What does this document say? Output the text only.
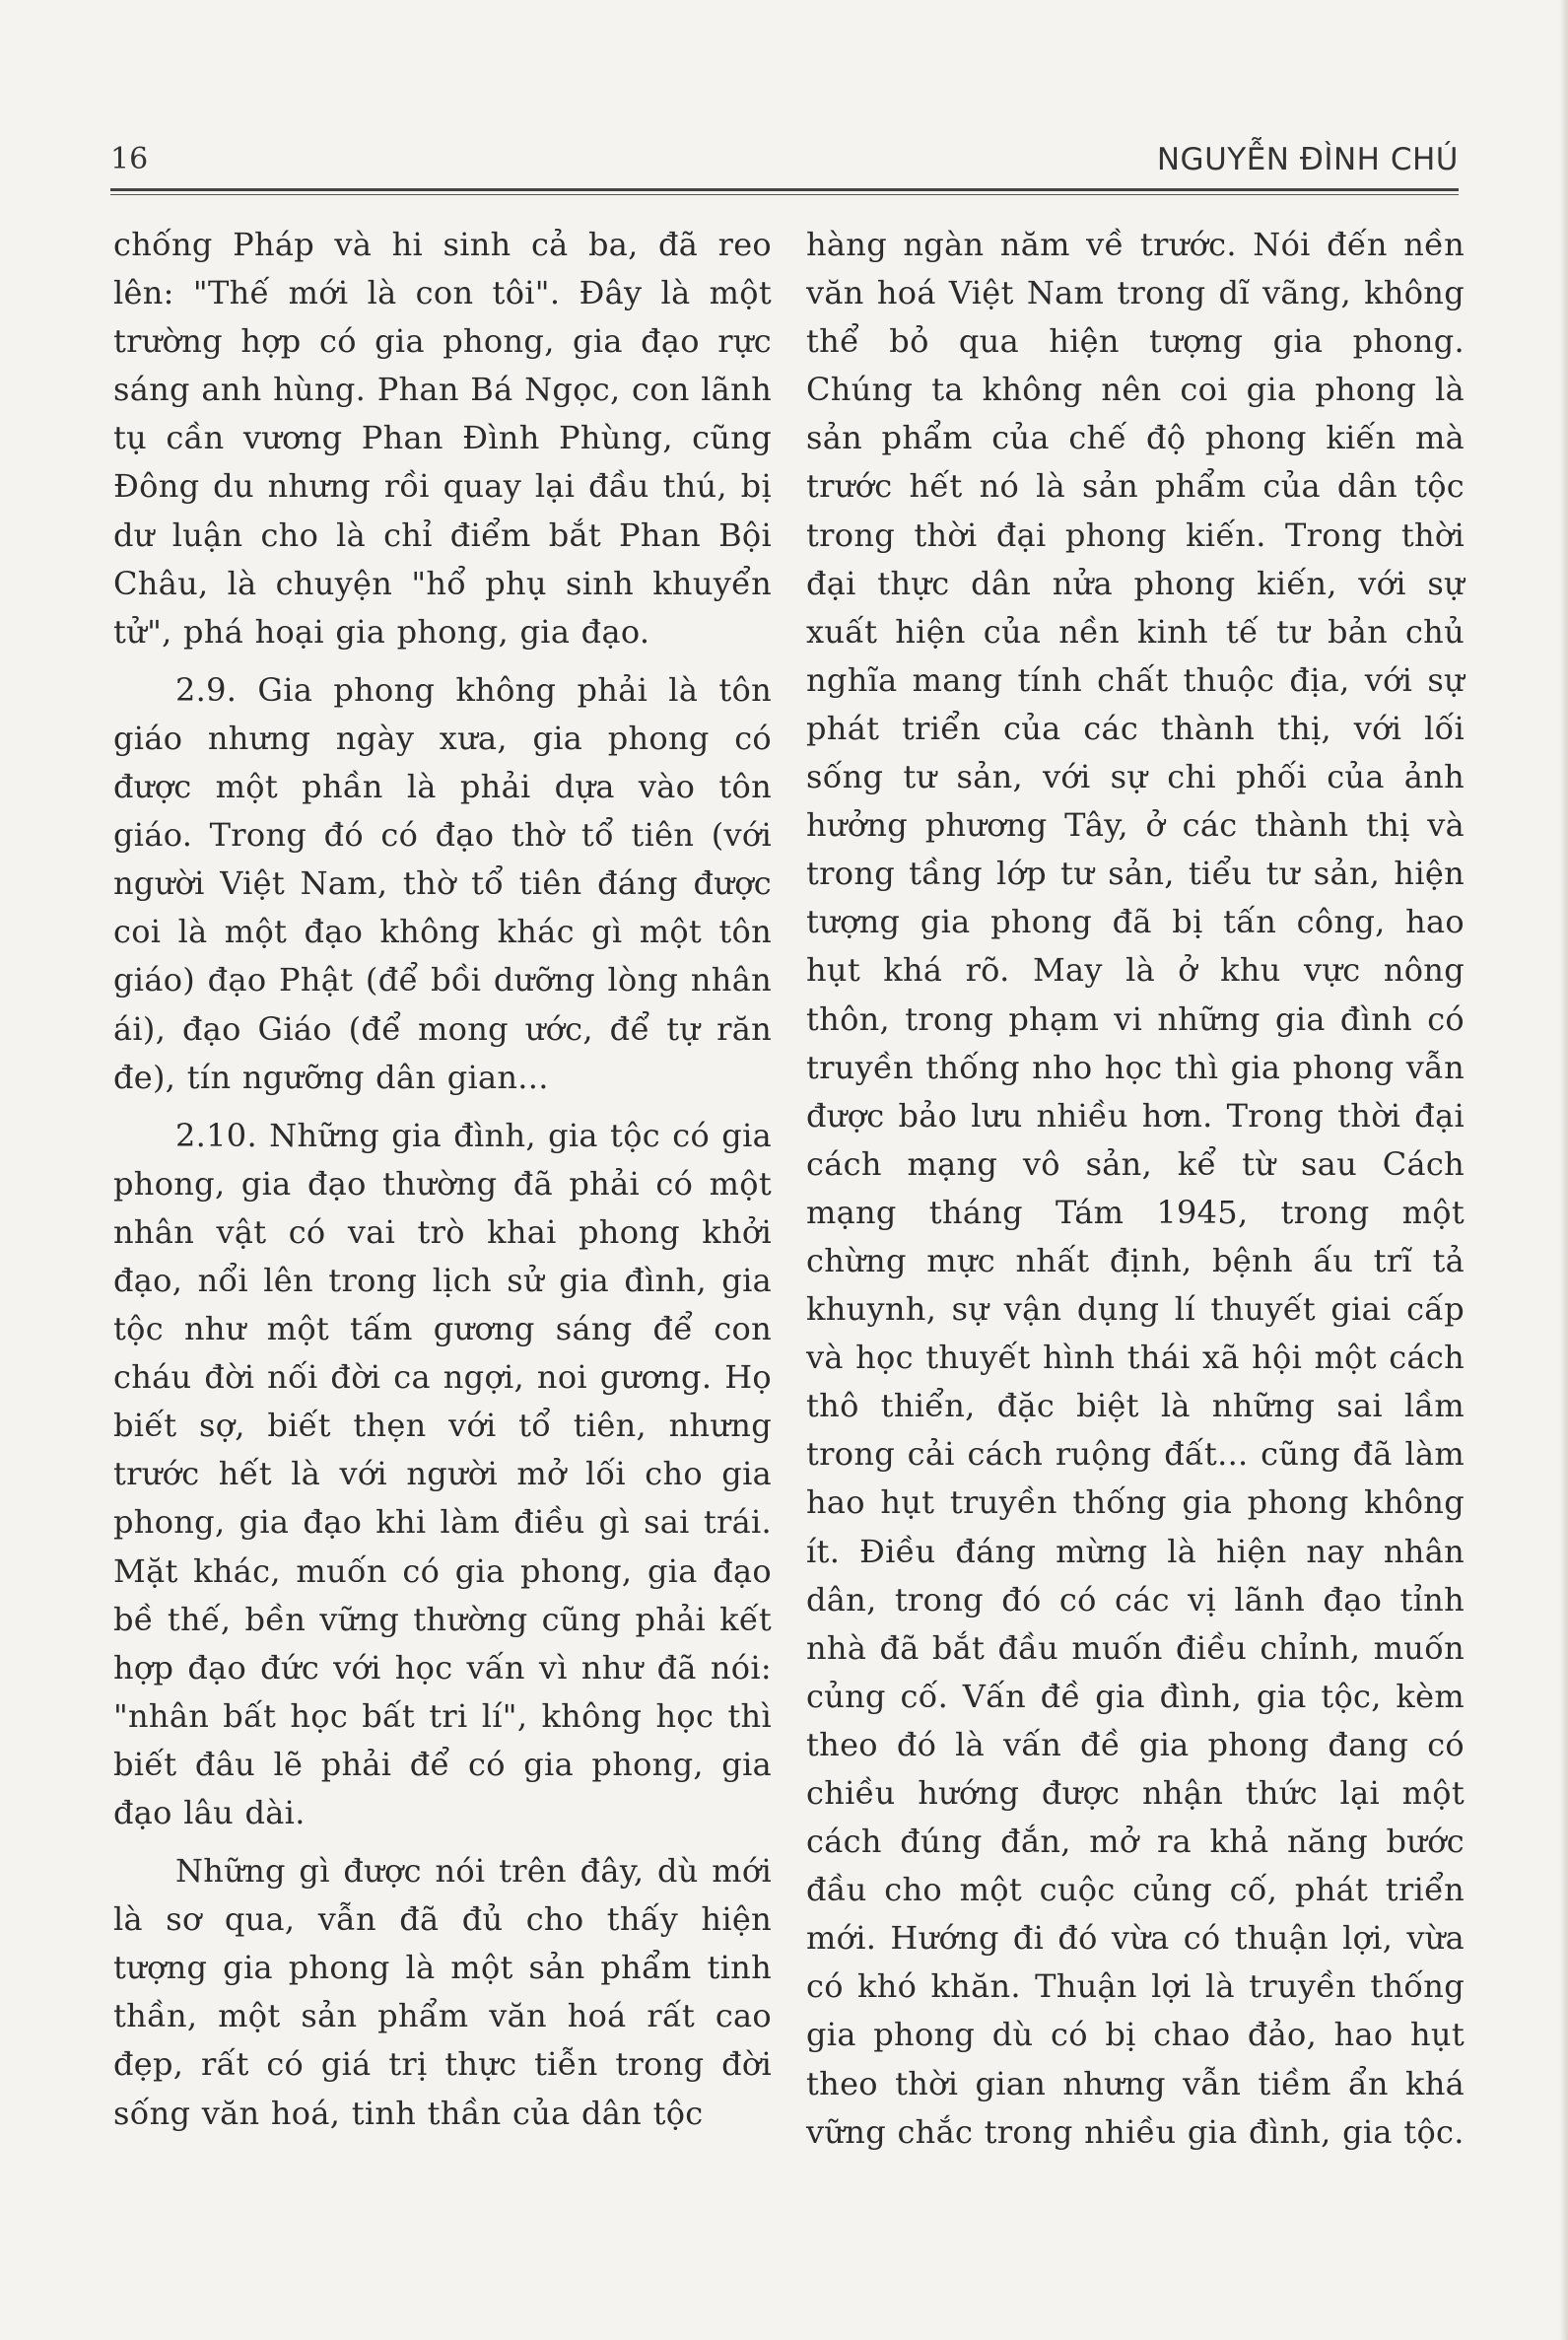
16	NGUYỄN ĐÌNH CHÚ

chống Pháp và hi sinh cả ba, đã reo lên: "Thế mới là con tôi". Đây là một trường hợp có gia phong, gia đạo rực sáng anh hùng. Phan Bá Ngọc, con lãnh tụ cần vương Phan Đình Phùng, cũng Đông du nhưng rồi quay lại đầu thú, bị dư luận cho là chỉ điểm bắt Phan Bội Châu, là chuyện "hổ phụ sinh khuyển tử", phá hoại gia phong, gia đạo.

2.9. Gia phong không phải là tôn giáo nhưng ngày xưa, gia phong có được một phần là phải dựa vào tôn giáo. Trong đó có đạo thờ tổ tiên (với người Việt Nam, thờ tổ tiên đáng được coi là một đạo không khác gì một tôn giáo) đạo Phật (để bồi dưỡng lòng nhân ái), đạo Giáo (để mong ước, để tự răn đe), tín ngưỡng dân gian...

2.10. Những gia đình, gia tộc có gia phong, gia đạo thường đã phải có một nhân vật có vai trò khai phong khởi đạo, nổi lên trong lịch sử gia đình, gia tộc như một tấm gương sáng để con cháu đời nối đời ca ngợi, noi gương. Họ biết sợ, biết thẹn với tổ tiên, nhưng trước hết là với người mở lối cho gia phong, gia đạo khi làm điều gì sai trái. Mặt khác, muốn có gia phong, gia đạo bề thế, bền vững thường cũng phải kết hợp đạo đức với học vấn vì như đã nói: "nhân bất học bất tri lí", không học thì biết đâu lẽ phải để có gia phong, gia đạo lâu dài.

Những gì được nói trên đây, dù mới là sơ qua, vẫn đã đủ cho thấy hiện tượng gia phong là một sản phẩm tinh thần, một sản phẩm văn hoá rất cao đẹp, rất có giá trị thực tiễn trong đời sống văn hoá, tinh thần của dân tộc

hàng ngàn năm về trước. Nói đến nền văn hoá Việt Nam trong dĩ vãng, không thể bỏ qua hiện tượng gia phong. Chúng ta không nên coi gia phong là sản phẩm của chế độ phong kiến mà trước hết nó là sản phẩm của dân tộc trong thời đại phong kiến. Trong thời đại thực dân nửa phong kiến, với sự xuất hiện của nền kinh tế tư bản chủ nghĩa mang tính chất thuộc địa, với sự phát triển của các thành thị, với lối sống tư sản, với sự chi phối của ảnh hưởng phương Tây, ở các thành thị và trong tầng lớp tư sản, tiểu tư sản, hiện tượng gia phong đã bị tấn công, hao hụt khá rõ. May là ở khu vực nông thôn, trong phạm vi những gia đình có truyền thống nho học thì gia phong vẫn được bảo lưu nhiều hơn. Trong thời đại cách mạng vô sản, kể từ sau Cách mạng tháng Tám 1945, trong một chừng mực nhất định, bệnh ấu trĩ tả khuynh, sự vận dụng lí thuyết giai cấp và học thuyết hình thái xã hội một cách thô thiển, đặc biệt là những sai lầm trong cải cách ruộng đất... cũng đã làm hao hụt truyền thống gia phong không ít. Điều đáng mừng là hiện nay nhân dân, trong đó có các vị lãnh đạo tỉnh nhà đã bắt đầu muốn điều chỉnh, muốn củng cố. Vấn đề gia đình, gia tộc, kèm theo đó là vấn đề gia phong đang có chiều hướng được nhận thức lại một cách đúng đắn, mở ra khả năng bước đầu cho một cuộc củng cố, phát triển mới. Hướng đi đó vừa có thuận lợi, vừa có khó khăn. Thuận lợi là truyền thống gia phong dù có bị chao đảo, hao hụt theo thời gian nhưng vẫn tiềm ẩn khá vững chắc trong nhiều gia đình, gia tộc.
